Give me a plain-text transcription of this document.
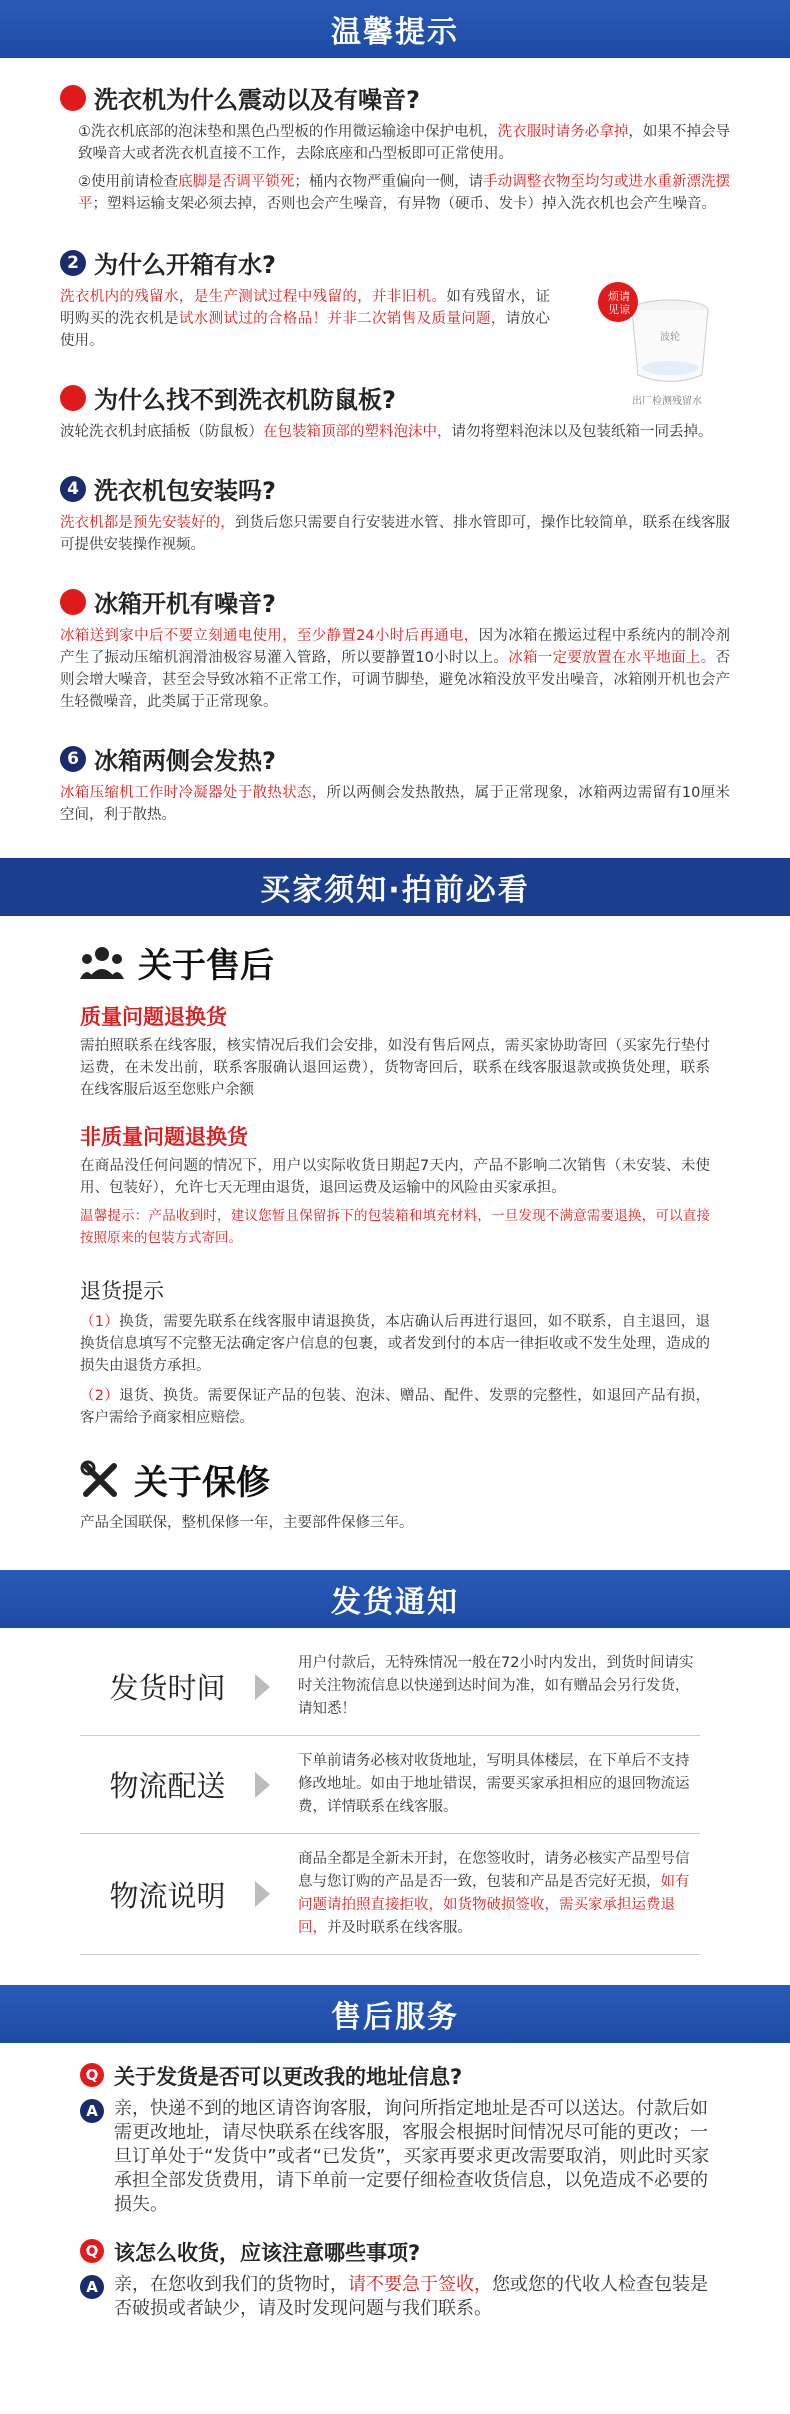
温馨提示
1 洗衣机为什么震动以及有噪音?
①洗衣机底部的泡沫垫和黑色凸型板的作用微运输途中保护电机，洗衣服时请务必拿掉，如果不掉会导致噪音大或者洗衣机直接不工作，去除底座和凸型板即可正常使用。
②使用前请检查底脚是否调平锁死；桶内衣物严重偏向一侧，请手动调整衣物至均匀或进水重新漂洗摆平；塑料运输支架必须去掉，否则也会产生噪音，有异物（硬币、发卡）掉入洗衣机也会产生噪音。
2 为什么开箱有水?
洗衣机内的残留水，是生产测试过程中残留的，并非旧机。如有残留水，证明购买的洗衣机是试水测试过的合格品！并非二次销售及质量问题，请放心使用。
3 为什么找不到洗衣机防鼠板?
波轮洗衣机封底插板（防鼠板）在包装箱顶部的塑料泡沫中，请勿将塑料泡沫以及包装纸箱一同丢掉。
4 洗衣机包安装吗?
洗衣机都是预先安装好的，到货后您只需要自行安装进水管、排水管即可，操作比较简单，联系在线客服可提供安装操作视频。
5 冰箱开机有噪音?
冰箱送到家中后不要立刻通电使用，至少静置24小时后再通电，因为冰箱在搬运过程中系统内的制冷剂产生了振动压缩机润滑油极容易灌入管路，所以要静置10小时以上。冰箱一定要放置在水平地面上。否则会增大噪音，甚至会导致冰箱不正常工作，可调节脚垫，避免冰箱没放平发出噪音，冰箱刚开机也会产生轻微噪音，此类属于正常现象。
6 冰箱两侧会发热?
冰箱压缩机工作时冷凝器处于散热状态，所以两侧会发热散热，属于正常现象，冰箱两边需留有10厘米空间，利于散热。
烦请见谅
波轮
出厂检测残留水
买家须知·拍前必看
关于售后
质量问题退换货
需拍照联系在线客服，核实情况后我们会安排，如没有售后网点，需买家协助寄回（买家先行垫付运费，在未发出前，联系客服确认退回运费），货物寄回后，联系在线客服退款或换货处理，联系在线客服后返至您账户余额
非质量问题退换货
在商品没任何问题的情况下，用户以实际收货日期起7天内，产品不影响二次销售（未安装、未使用、包装好），允许七天无理由退货，退回运费及运输中的风险由买家承担。
温馨提示：产品收到时，建议您暂且保留拆下的包装箱和填充材料，一旦发现不满意需要退换，可以直接按照原来的包装方式寄回。
退货提示
（1）换货，需要先联系在线客服申请退换货，本店确认后再进行退回，如不联系，自主退回，退换货信息填写不完整无法确定客户信息的包裹，或者发到付的本店一律拒收或不发生处理，造成的损失由退货方承担。
（2）退货、换货。需要保证产品的包装、泡沫、赠品、配件、发票的完整性，如退回产品有损，客户需给予商家相应赔偿。
关于保修
产品全国联保，整机保修一年，主要部件保修三年。
发货通知
发货时间
用户付款后，无特殊情况一般在72小时内发出，到货时间请实时关注物流信息以快递到达时间为准，如有赠品会另行发货，请知悉！
物流配送
下单前请务必核对收货地址，写明具体楼层，在下单后不支持修改地址。如由于地址错误，需要买家承担相应的退回物流运费，详情联系在线客服。
物流说明
商品全都是全新未开封，在您签收时，请务必核实产品型号信息与您订购的产品是否一致，包装和产品是否完好无损，如有问题请拍照直接拒收，如货物破损签收，需买家承担运费退回，并及时联系在线客服。
售后服务
Q 关于发货是否可以更改我的地址信息?
A 亲，快递不到的地区请咨询客服，询问所指定地址是否可以送达。付款后如需更改地址，请尽快联系在线客服，客服会根据时间情况尽可能的更改；一旦订单处于“发货中”或者“已发货”，买家再要求更改需要取消，则此时买家承担全部发货费用，请下单前一定要仔细检查收货信息，以免造成不必要的损失。
Q 该怎么收货，应该注意哪些事项?
A 亲，在您收到我们的货物时，请不要急于签收，您或您的代收人检查包装是否破损或者缺少，请及时发现问题与我们联系。
